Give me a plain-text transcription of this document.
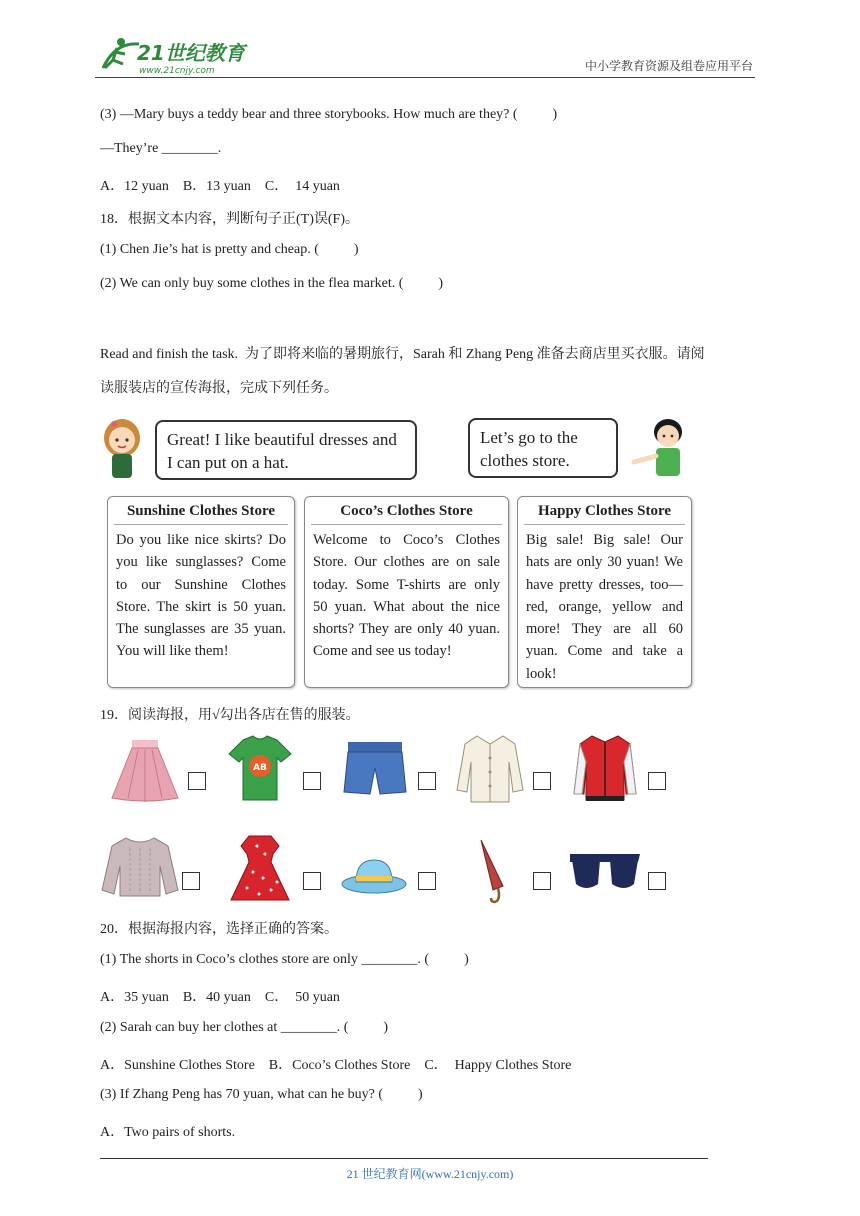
21世纪教育
www.21cnjy.com	中小学教育资源及组卷应用平台
(3) —Mary buys a teddy bear and three storybooks. How much are they? (          )
—They’re ________.
A．12 yuan    B．13 yuan    C．  14 yuan
18．根据文本内容，判断句子正(T)误(F)。
(1) Chen Jie’s hat is pretty and cheap. (          )
(2) We can only buy some clothes in the flea market. (          )
Read and finish the task.  为了即将来临的暑期旅行，Sarah 和 Zhang Peng 准备去商店里买衣服。请阅
读服装店的宣传海报，完成下列任务。
Great! I like beautiful dresses and I can put on a hat.
Let’s go to the clothes store.
Sunshine Clothes Store
Do you like nice skirts? Do you like sunglasses? Come to our Sunshine Clothes Store. The skirt is 50 yuan. The sunglasses are 35 yuan. You will like them!
Coco’s Clothes Store
Welcome to Coco’s Clothes Store. Our clothes are on sale today. Some T-shirts are only 50 yuan. What about the nice shorts? They are only 40 yuan. Come and see us today!
Happy Clothes Store
Big sale! Big sale! Our hats are only 30 yuan! We have pretty dresses, too—red, orange, yellow and more! They are all 60 yuan. Come and take a look!
19．阅读海报，用√勾出各店在售的服装。
AB
20．根据海报内容，选择正确的答案。
(1) The shorts in Coco’s clothes store are only ________. (          )
A．35 yuan    B．40 yuan    C．  50 yuan
(2) Sarah can buy her clothes at ________. (          )
A．Sunshine Clothes Store    B．Coco’s Clothes Store    C．  Happy Clothes Store
(3) If Zhang Peng has 70 yuan, what can he buy? (          )
A．Two pairs of shorts.
21 世纪教育网(www.21cnjy.com)
